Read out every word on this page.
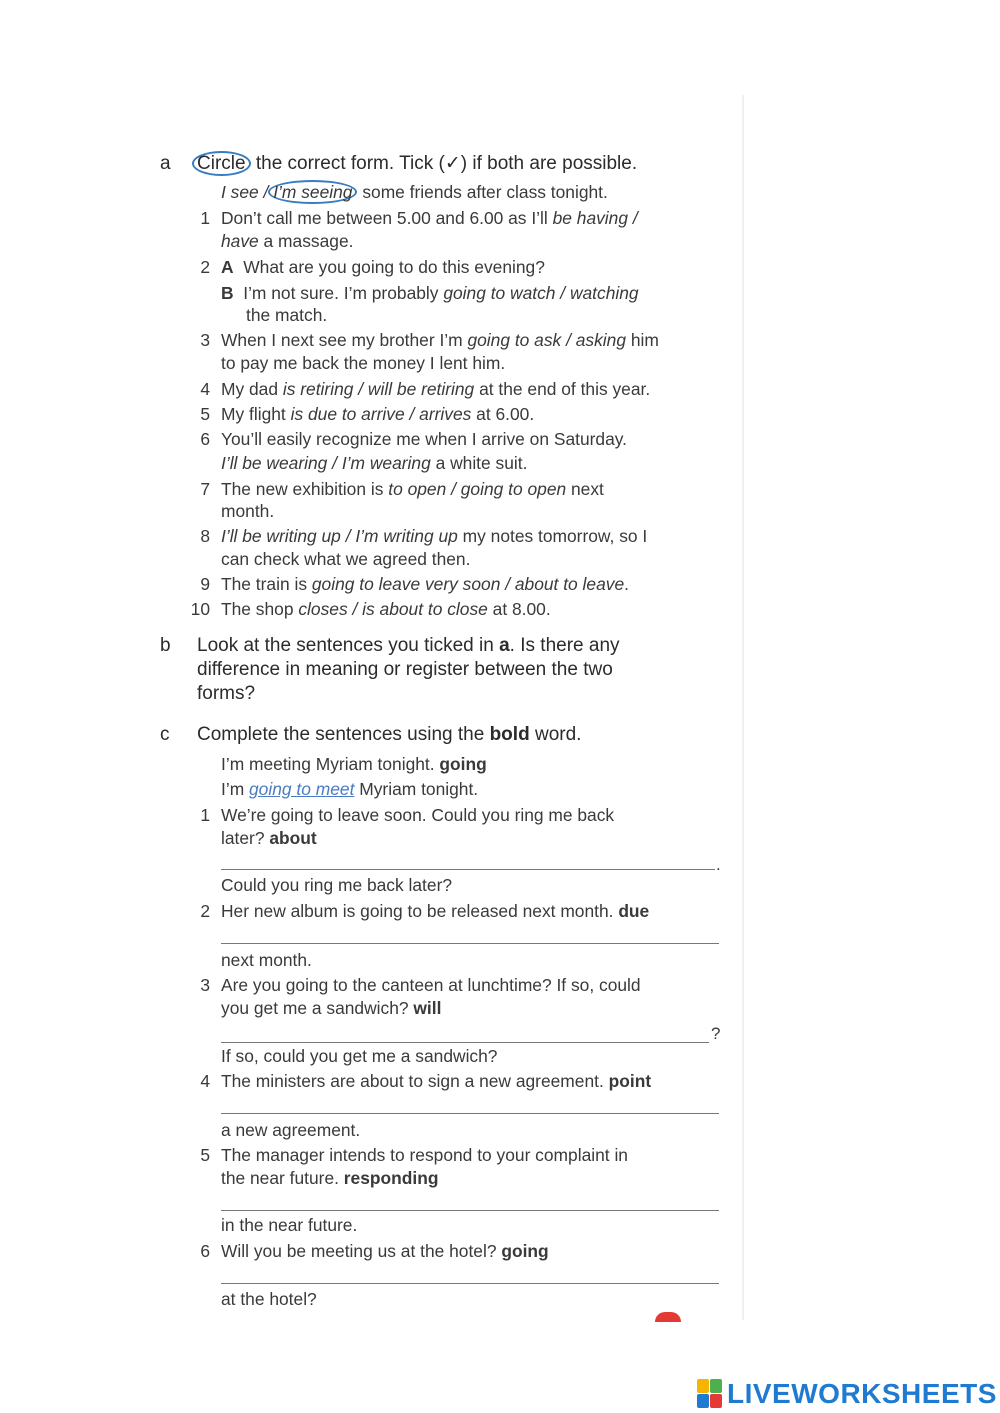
a	Circle the correct form. Tick (✓) if both are possible.
I see / I’m seeing some friends after class tonight.
1 Don’t call me between 5.00 and 6.00 as I’ll be having /
have a massage.
2 A What are you going to do this evening?
B I’m not sure. I’m probably going to watch / watching
the match.
3 When I next see my brother I’m going to ask / asking him
to pay me back the money I lent him.
4 My dad is retiring / will be retiring at the end of this year.
5 My flight is due to arrive / arrives at 6.00.
6 You’ll easily recognize me when I arrive on Saturday.
I’ll be wearing / I’m wearing a white suit.
7 The new exhibition is to open / going to open next
month.
8 I’ll be writing up / I’m writing up my notes tomorrow, so I
can check what we agreed then.
9 The train is going to leave very soon / about to leave.
10 The shop closes / is about to close at 8.00.
b	Look at the sentences you ticked in a. Is there any
difference in meaning or register between the two
forms?
c	Complete the sentences using the bold word.
I’m meeting Myriam tonight. going
I’m going to meet Myriam tonight.
1 We’re going to leave soon. Could you ring me back
later? about
.
Could you ring me back later?
2 Her new album is going to be released next month. due
next month.
3 Are you going to the canteen at lunchtime? If so, could
you get me a sandwich? will
?
If so, could you get me a sandwich?
4 The ministers are about to sign a new agreement. point
a new agreement.
5 The manager intends to respond to your complaint in
the near future. responding
in the near future.
6 Will you be meeting us at the hotel? going
at the hotel?
LIVEWORKSHEETS
